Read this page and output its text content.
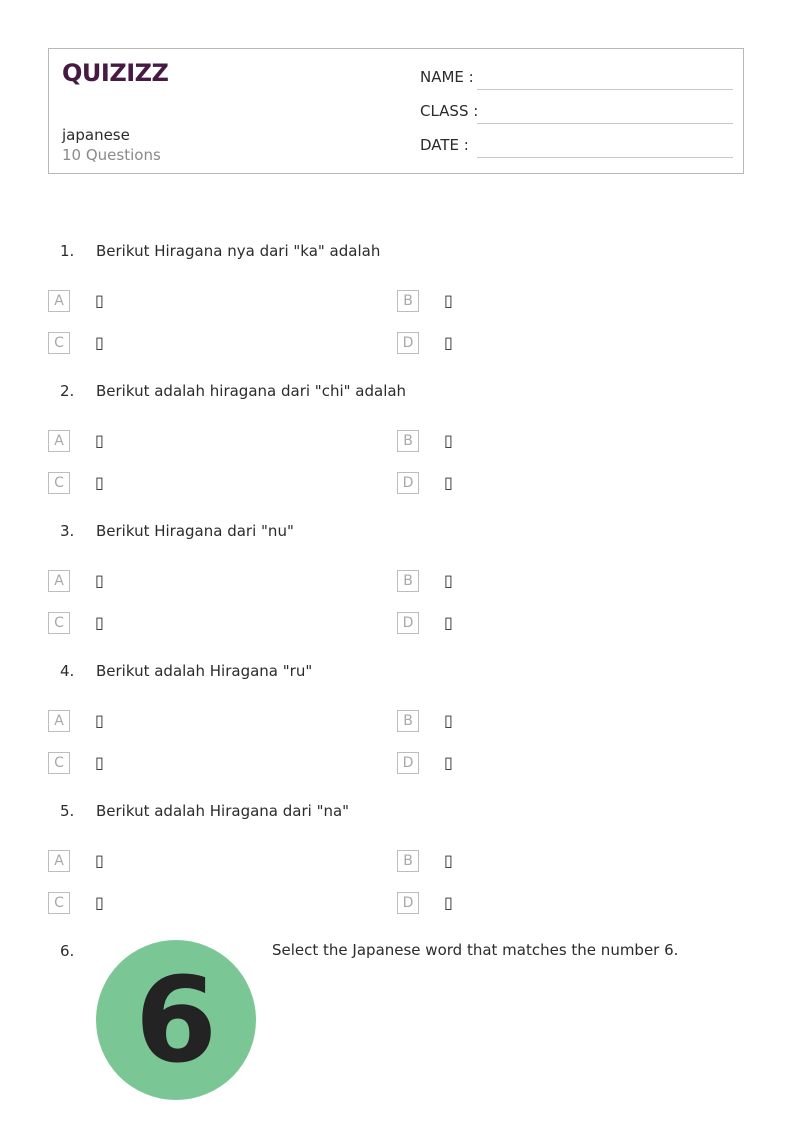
QUIZIZZ
japanese
10 Questions
NAME :
CLASS :
DATE :
1. Berikut Hiragana nya dari "ka" adalah
A	▯	B	▯
C	▯	D	▯
2. Berikut adalah hiragana dari "chi" adalah
A	▯	B	▯
C	▯	D	▯
3. Berikut Hiragana dari "nu"
A	▯	B	▯
C	▯	D	▯
4. Berikut adalah Hiragana "ru"
A	▯	B	▯
C	▯	D	▯
5. Berikut adalah Hiragana dari "na"
A	▯	B	▯
C	▯	D	▯
6. 6
Select the Japanese word that matches the number 6.
